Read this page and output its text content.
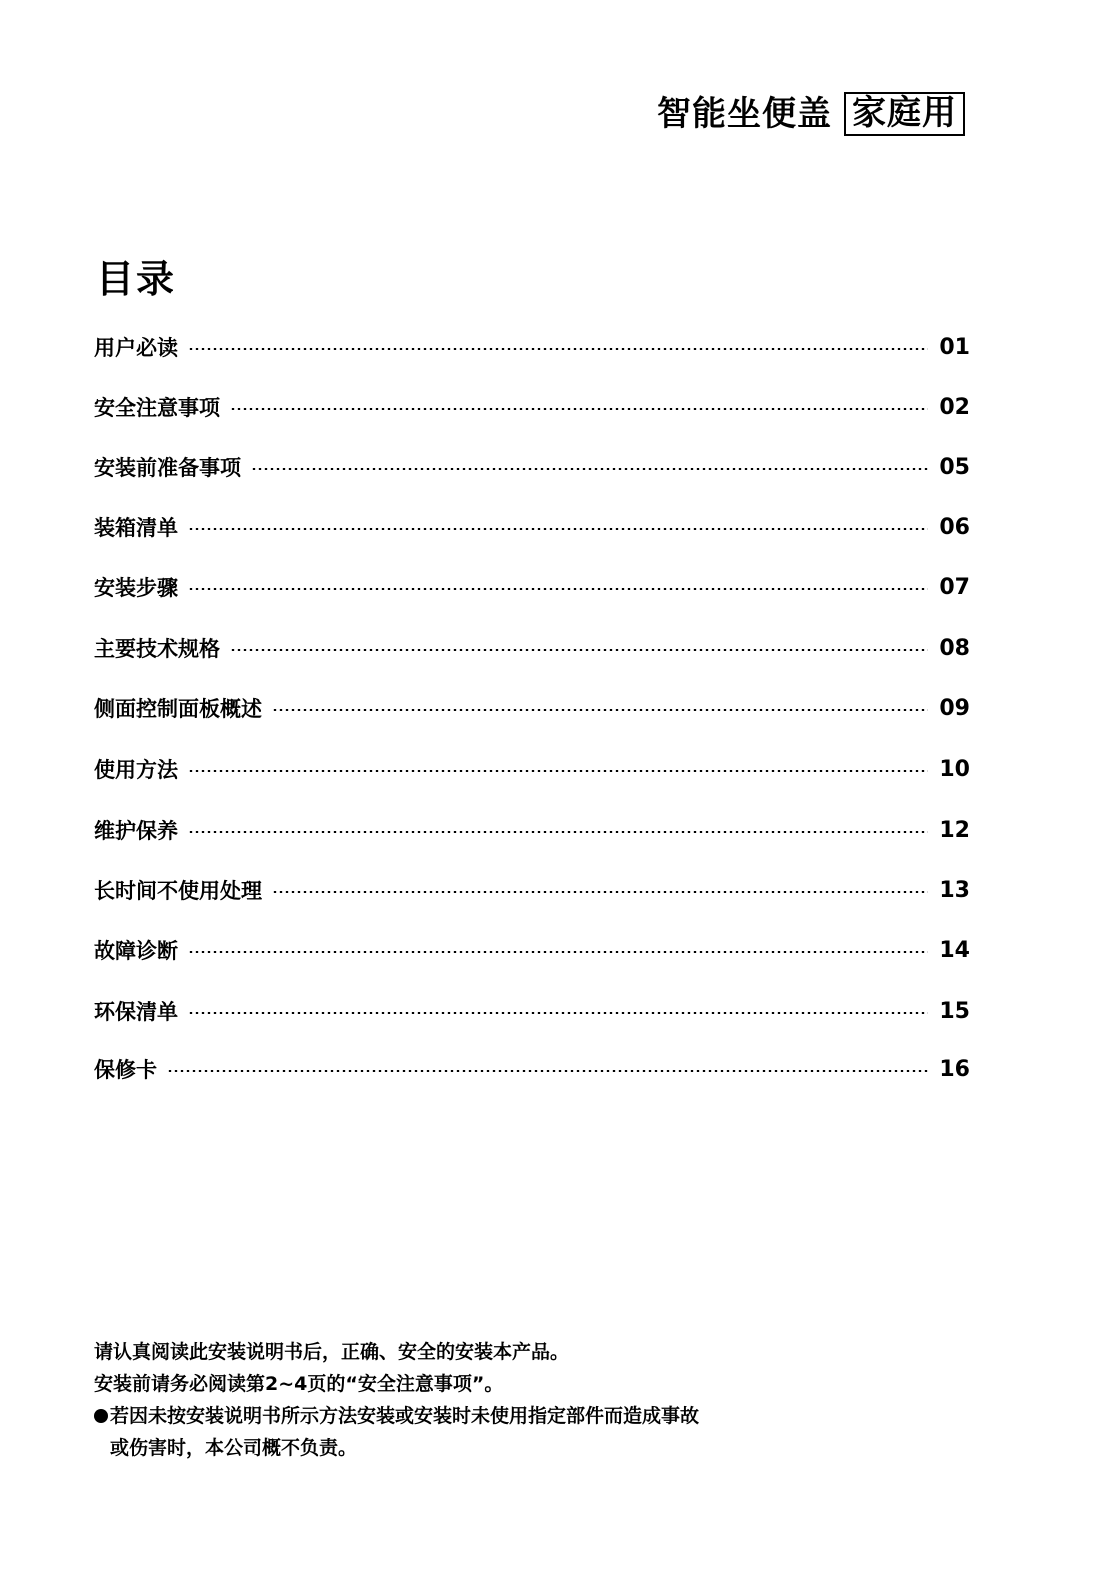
智能坐便盖 家庭用
目录
用户必读	01
安全注意事项	02
安装前准备事项	05
装箱清单	06
安装步骤	07
主要技术规格	08
侧面控制面板概述	09
使用方法	10
维护保养	12
长时间不使用处理	13
故障诊断	14
环保清单	15
保修卡	16
请认真阅读此安装说明书后，正确、安全的安装本产品。
安装前请务必阅读第2~4页的“安全注意事项”。
若因未按安装说明书所示方法安装或安装时未使用指定部件而造成事故
或伤害时，本公司概不负责。
